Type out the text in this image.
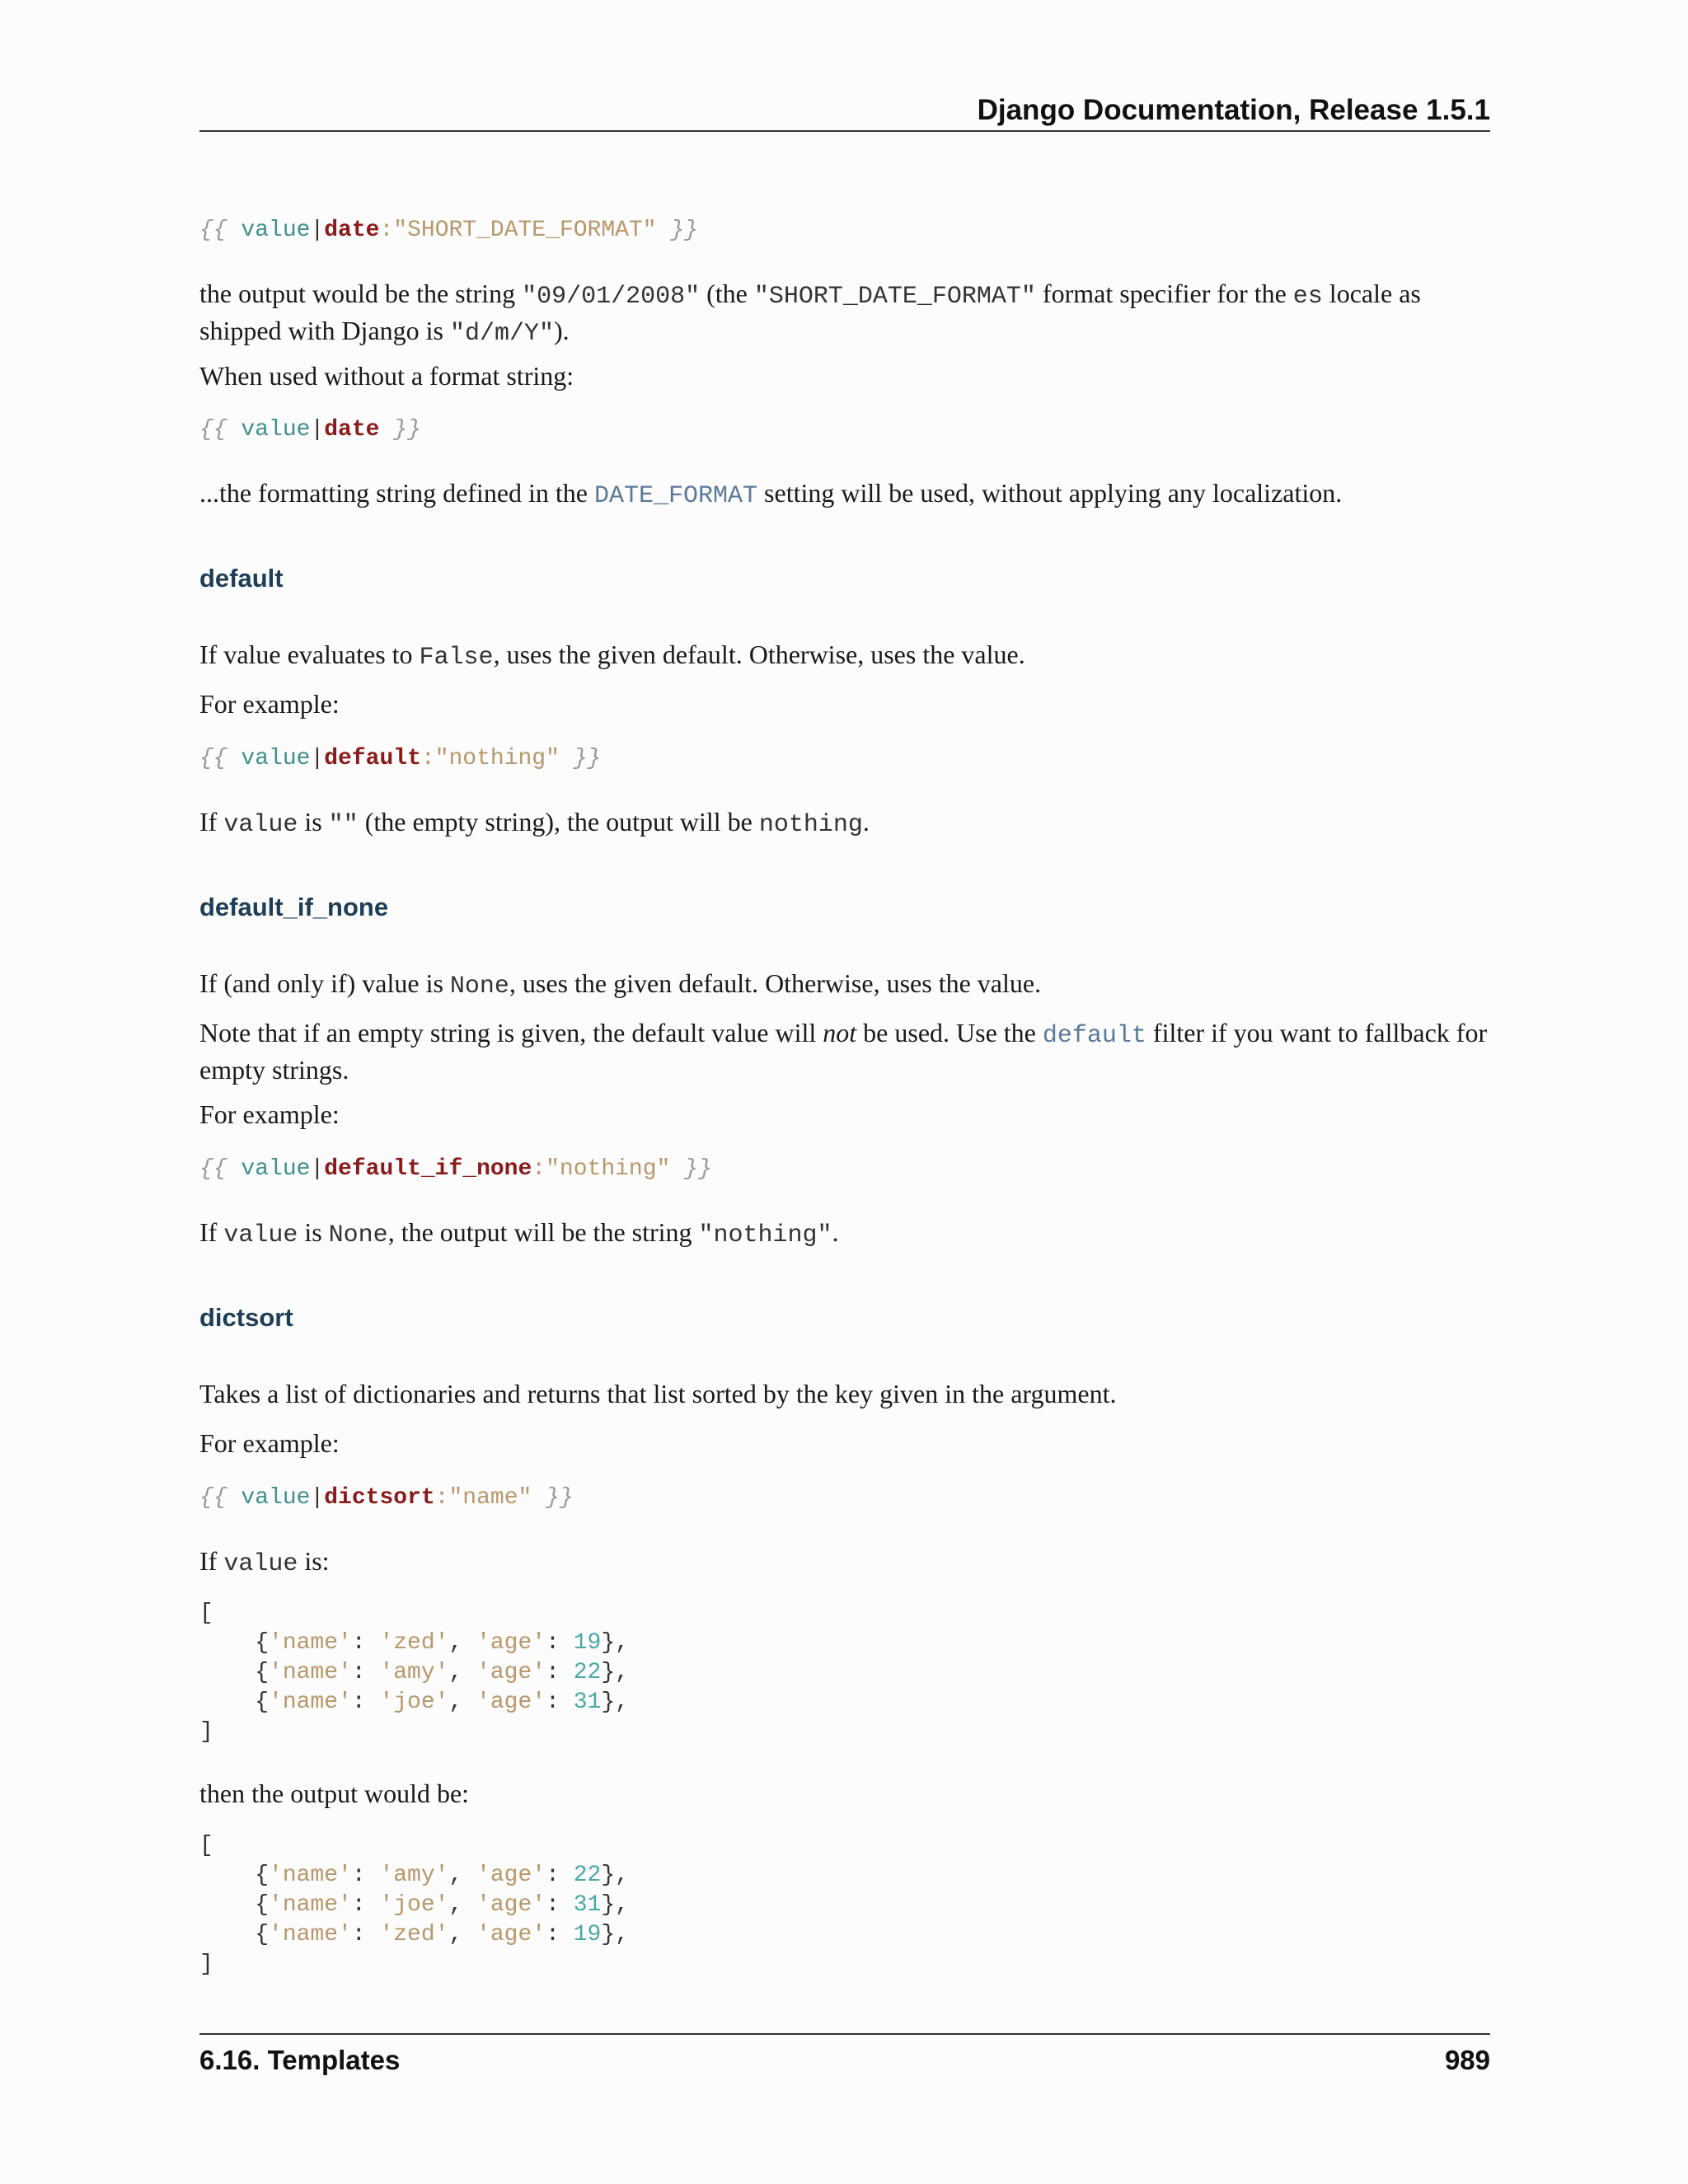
Django Documentation, Release 1.5.1
{{ value|date:"SHORT_DATE_FORMAT" }}

the output would be the string "09/01/2008" (the "SHORT_DATE_FORMAT" format specifier for the es locale as shipped with Django is "d/m/Y").

When used without a format string:

{{ value|date }}

...the formatting string defined in the DATE_FORMAT setting will be used, without applying any localization.

default

If value evaluates to False, uses the given default. Otherwise, uses the value.

For example:

{{ value|default:"nothing" }}

If value is "" (the empty string), the output will be nothing.

default_if_none

If (and only if) value is None, uses the given default. Otherwise, uses the value.

Note that if an empty string is given, the default value will not be used. Use the default filter if you want to fallback for empty strings.

For example:

{{ value|default_if_none:"nothing" }}

If value is None, the output will be the string "nothing".

dictsort

Takes a list of dictionaries and returns that list sorted by the key given in the argument.

For example:

{{ value|dictsort:"name" }}

If value is:

[
{'name': 'zed', 'age': 19},
{'name': 'amy', 'age': 22},
{'name': 'joe', 'age': 31},
]

then the output would be:

[
{'name': 'amy', 'age': 22},
{'name': 'joe', 'age': 31},
{'name': 'zed', 'age': 19},
]
6.16. Templates	989
